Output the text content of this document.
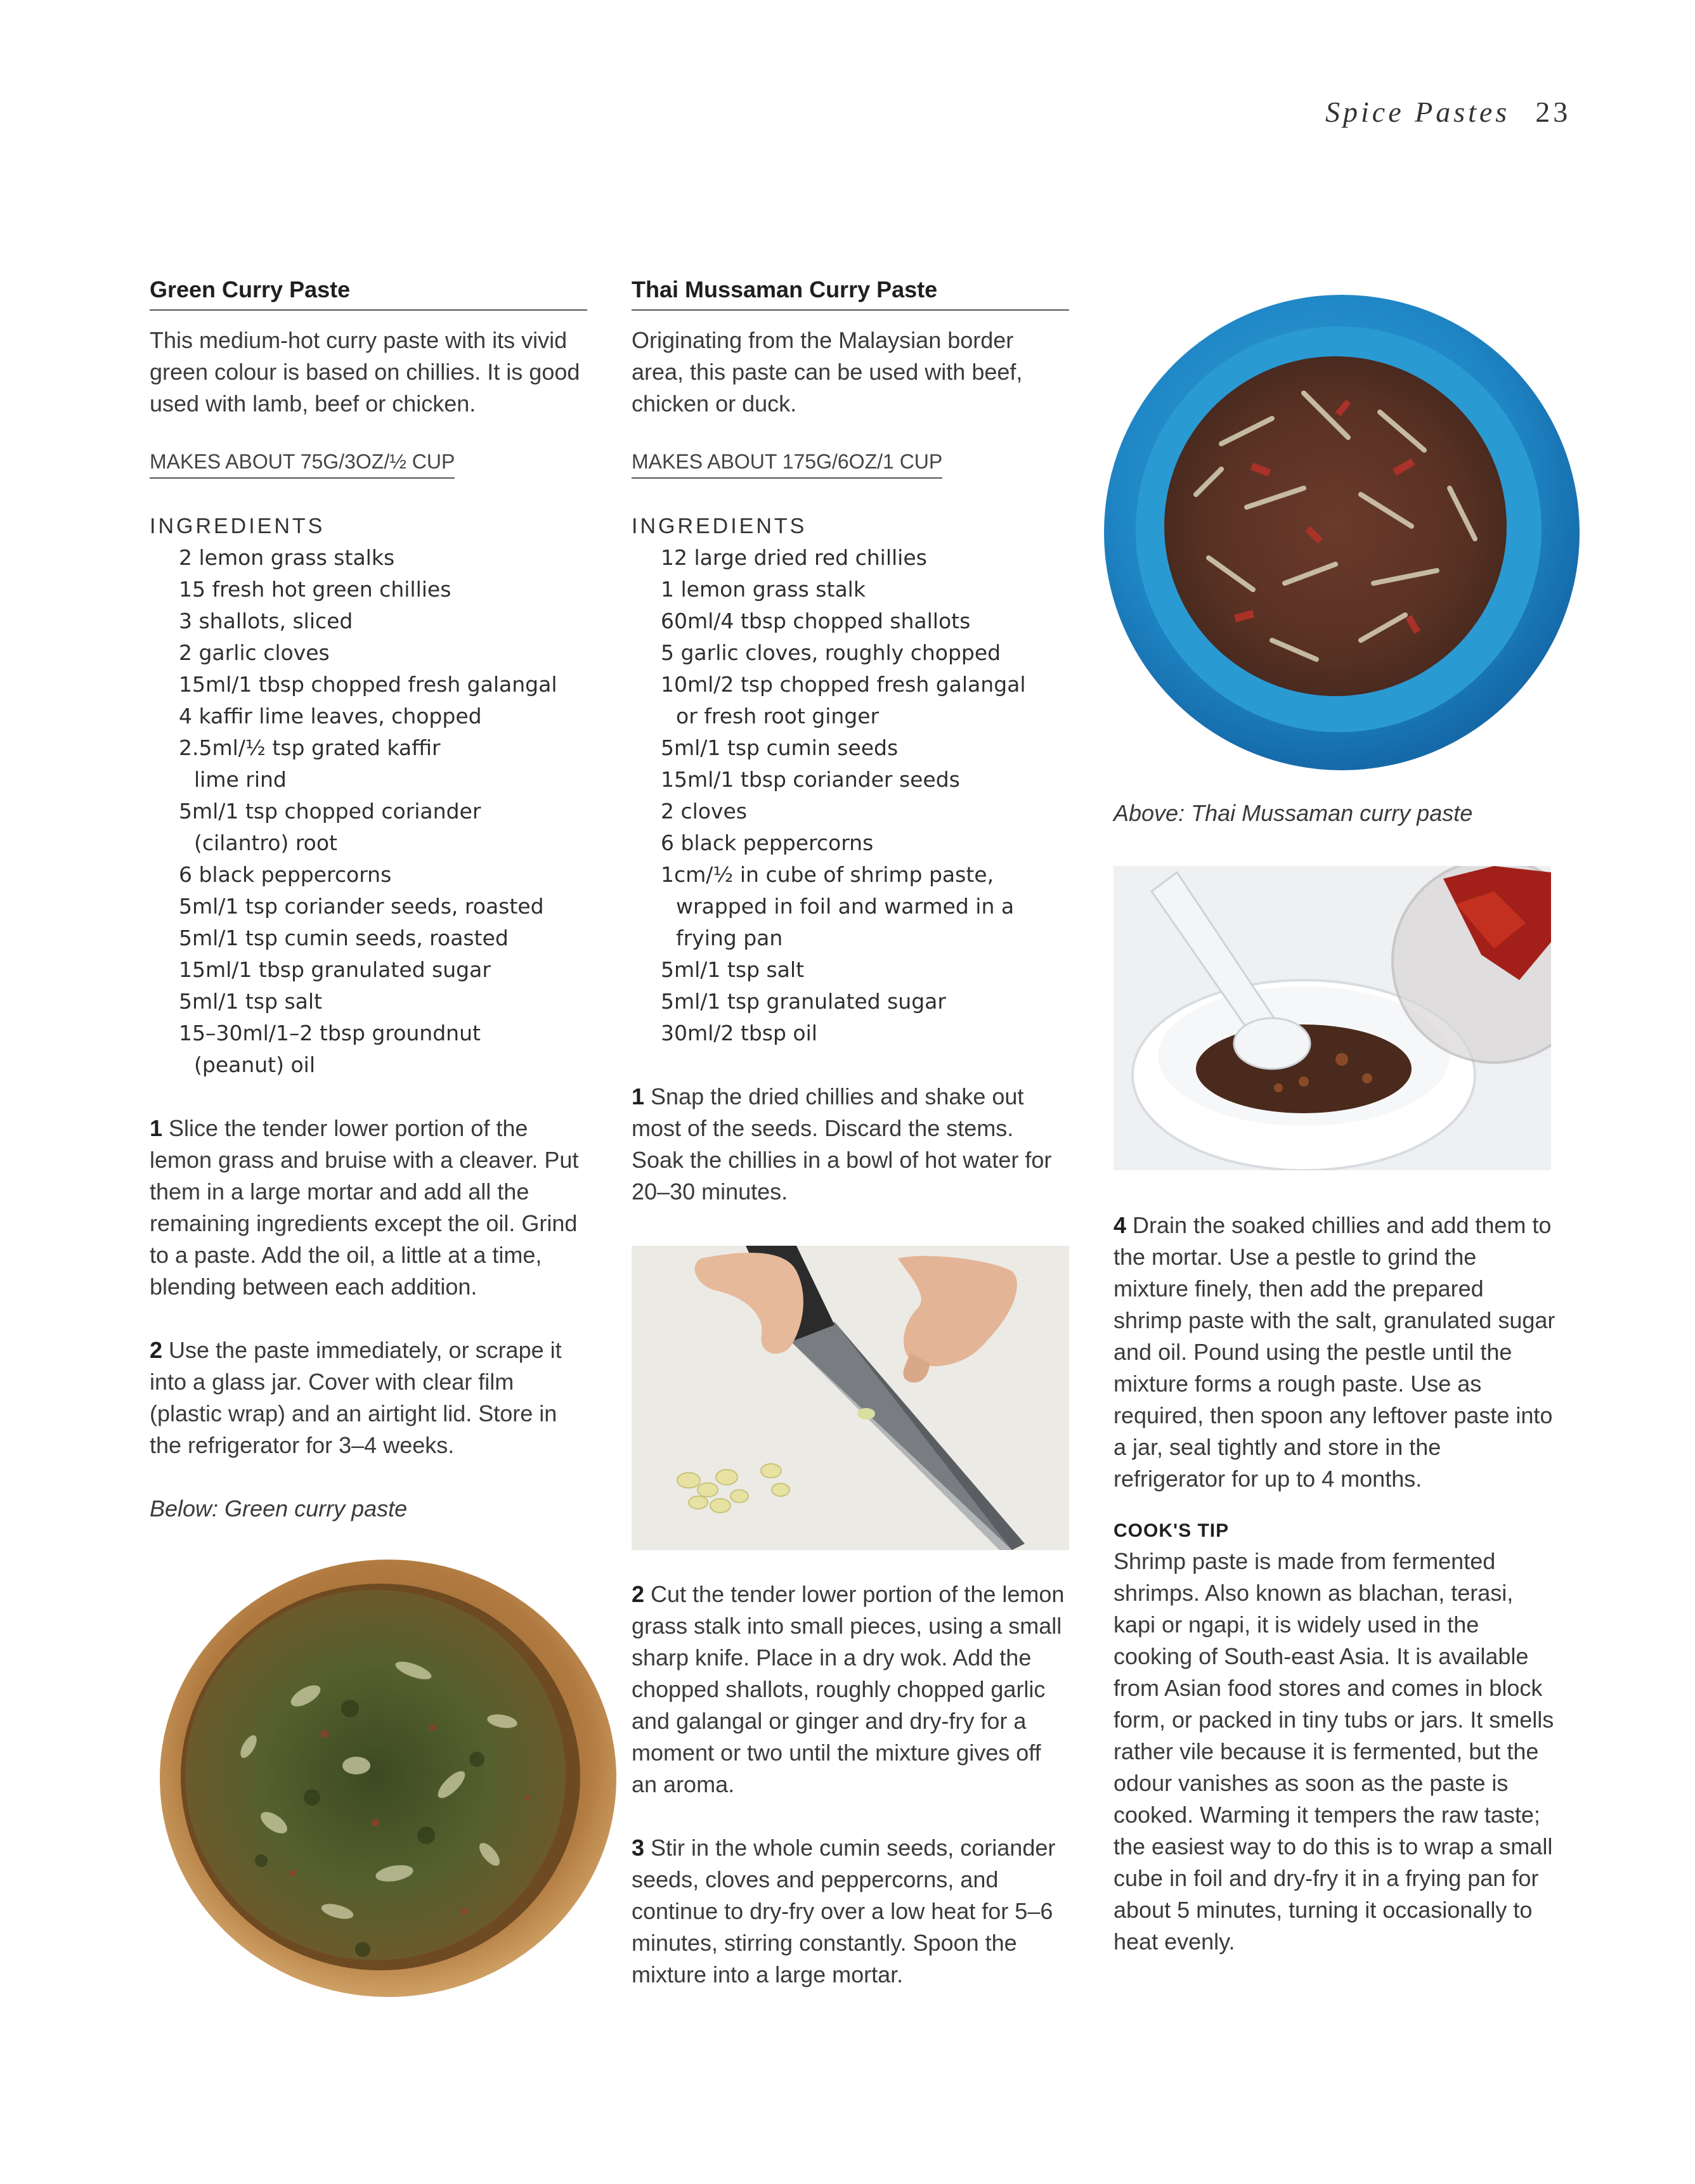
Spice Pastes 23
Green Curry Paste
This medium-hot curry paste with its vivid green colour is based on chillies. It is good used with lamb, beef or chicken.
MAKES ABOUT 75G/3OZ/½ CUP
INGREDIENTS
2 lemon grass stalks
15 fresh hot green chillies
3 shallots, sliced
2 garlic cloves
15ml/1 tbsp chopped fresh galangal
4 kaffir lime leaves, chopped
2.5ml/½ tsp grated kaffir
lime rind
5ml/1 tsp chopped coriander
(cilantro) root
6 black peppercorns
5ml/1 tsp coriander seeds, roasted
5ml/1 tsp cumin seeds, roasted
15ml/1 tbsp granulated sugar
5ml/1 tsp salt
15–30ml/1–2 tbsp groundnut
(peanut) oil
1 Slice the tender lower portion of the lemon grass and bruise with a cleaver. Put them in a large mortar and add all the remaining ingredients except the oil. Grind to a paste. Add the oil, a little at a time, blending between each addition.
2 Use the paste immediately, or scrape it into a glass jar. Cover with clear film (plastic wrap) and an airtight lid. Store in the refrigerator for 3–4 weeks.
Below: Green curry paste
Thai Mussaman Curry Paste
Originating from the Malaysian border area, this paste can be used with beef, chicken or duck.
MAKES ABOUT 175G/6OZ/1 CUP
INGREDIENTS
12 large dried red chillies
1 lemon grass stalk
60ml/4 tbsp chopped shallots
5 garlic cloves, roughly chopped
10ml/2 tsp chopped fresh galangal
or fresh root ginger
5ml/1 tsp cumin seeds
15ml/1 tbsp coriander seeds
2 cloves
6 black peppercorns
1cm/½ in cube of shrimp paste,
wrapped in foil and warmed in a
frying pan
5ml/1 tsp salt
5ml/1 tsp granulated sugar
30ml/2 tbsp oil
1 Snap the dried chillies and shake out most of the seeds. Discard the stems. Soak the chillies in a bowl of hot water for 20–30 minutes.
2 Cut the tender lower portion of the lemon grass stalk into small pieces, using a small sharp knife. Place in a dry wok. Add the chopped shallots, roughly chopped garlic and galangal or ginger and dry-fry for a moment or two until the mixture gives off an aroma.
3 Stir in the whole cumin seeds, coriander seeds, cloves and peppercorns, and continue to dry-fry over a low heat for 5–6 minutes, stirring constantly. Spoon the mixture into a large mortar.
Above: Thai Mussaman curry paste
4 Drain the soaked chillies and add them to the mortar. Use a pestle to grind the mixture finely, then add the prepared shrimp paste with the salt, granulated sugar and oil. Pound using the pestle until the mixture forms a rough paste. Use as required, then spoon any leftover paste into a jar, seal tightly and store in the refrigerator for up to 4 months.
COOK'S TIP
Shrimp paste is made from fermented shrimps. Also known as blachan, terasi, kapi or ngapi, it is widely used in the cooking of South-east Asia. It is available from Asian food stores and comes in block form, or packed in tiny tubs or jars. It smells rather vile because it is fermented, but the odour vanishes as soon as the paste is cooked. Warming it tempers the raw taste; the easiest way to do this is to wrap a small cube in foil and dry-fry it in a frying pan for about 5 minutes, turning it occasionally to heat evenly.
